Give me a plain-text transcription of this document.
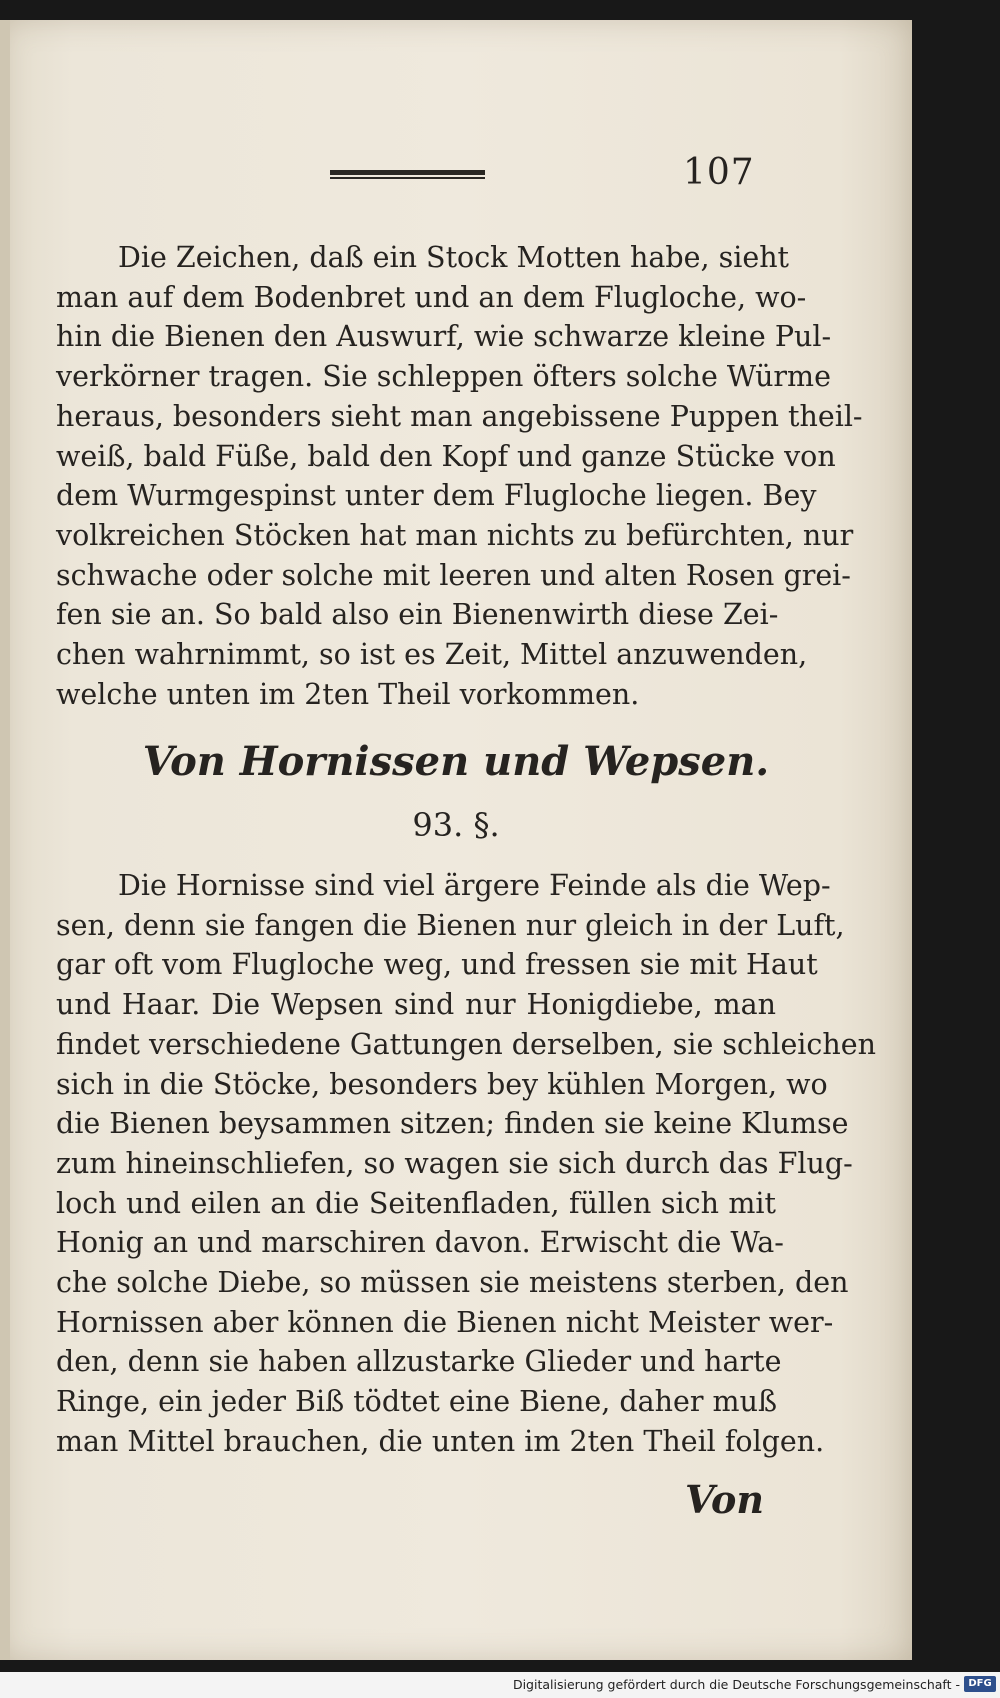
107

Die Zeichen, daß ein Stock Motten habe, sieht
man auf dem Bodenbret und an dem Flugloche, wo-
hin die Bienen den Auswurf, wie schwarze kleine Pul-
verkörner tragen. Sie schleppen öfters solche Würme
heraus, besonders sieht man angebissene Puppen theil-
weiß, bald Füße, bald den Kopf und ganze Stücke von
dem Wurmgespinst unter dem Flugloche liegen. Bey
volkreichen Stöcken hat man nichts zu befürchten, nur
schwache oder solche mit leeren und alten Rosen grei-
fen sie an. So bald also ein Bienenwirth diese Zei-
chen wahrnimmt, so ist es Zeit, Mittel anzuwenden,
welche unten im 2ten Theil vorkommen.

Von Hornissen und Wepsen.
93. §.

Die Hornisse sind viel ärgere Feinde als die Wep-
sen, denn sie fangen die Bienen nur gleich in der Luft,
gar oft vom Flugloche weg, und fressen sie mit Haut
und Haar. Die Wepsen sind nur Honigdiebe, man
findet verschiedene Gattungen derselben, sie schleichen
sich in die Stöcke, besonders bey kühlen Morgen, wo
die Bienen beysammen sitzen; finden sie keine Klumse
zum hineinschliefen, so wagen sie sich durch das Flug-
loch und eilen an die Seitenfladen, füllen sich mit
Honig an und marschiren davon. Erwischt die Wa-
che solche Diebe, so müssen sie meistens sterben, den
Hornissen aber können die Bienen nicht Meister wer-
den, denn sie haben allzustarke Glieder und harte
Ringe, ein jeder Biß tödtet eine Biene, daher muß
man Mittel brauchen, die unten im 2ten Theil folgen.

Von
Digitalisierung gefördert durch die Deutsche Forschungsgemeinschaft - DFG
